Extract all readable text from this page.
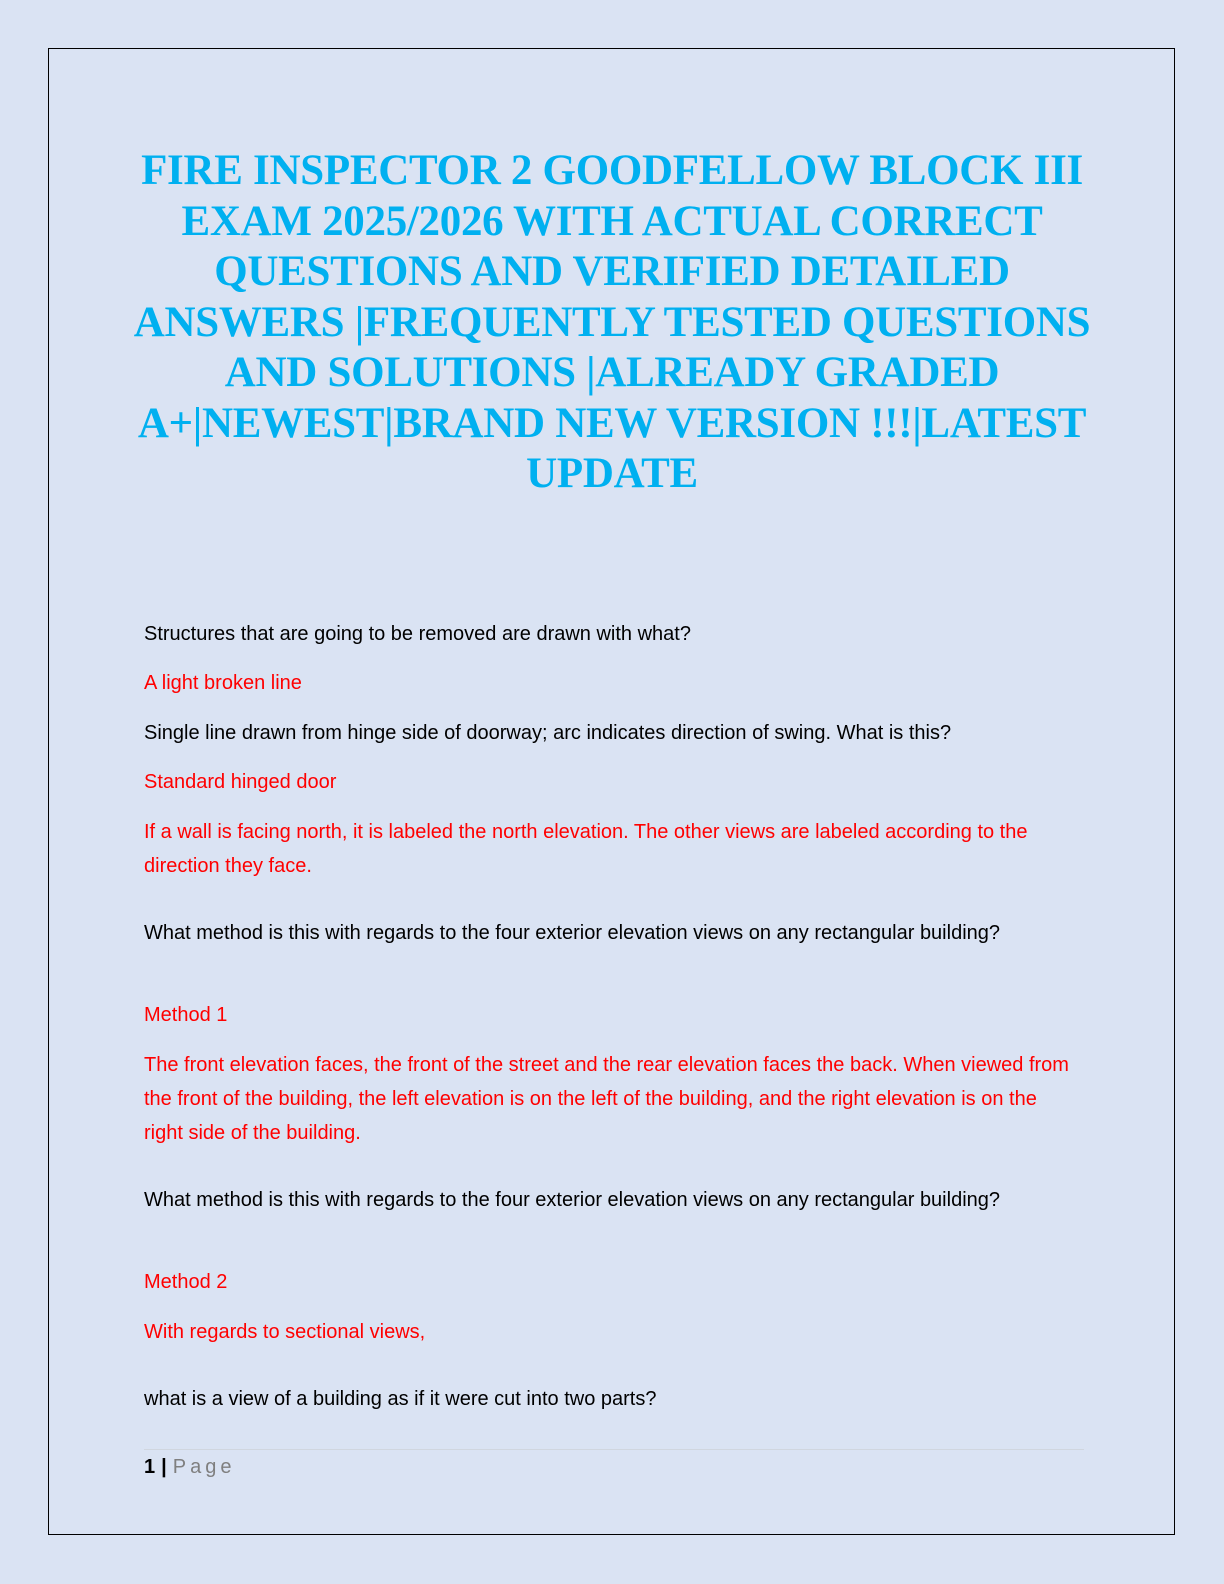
FIRE INSPECTOR 2 GOODFELLOW BLOCK III EXAM 2025/2026 WITH ACTUAL CORRECT QUESTIONS AND VERIFIED DETAILED ANSWERS |FREQUENTLY TESTED QUESTIONS AND SOLUTIONS |ALREADY GRADED A+|NEWEST|BRAND NEW VERSION !!!|LATEST UPDATE

Structures that are going to be removed are drawn with what?

A light broken line

Single line drawn from hinge side of doorway; arc indicates direction of swing. What is this?

Standard hinged door

If a wall is facing north, it is labeled the north elevation. The other views are labeled according to the direction they face.

What method is this with regards to the four exterior elevation views on any rectangular building?

Method 1

The front elevation faces, the front of the street and the rear elevation faces the back. When viewed from the front of the building, the left elevation is on the left of the building, and the right elevation is on the right side of the building.

What method is this with regards to the four exterior elevation views on any rectangular building?

Method 2

With regards to sectional views,

what is a view of a building as if it were cut into two parts?

1 | Page
